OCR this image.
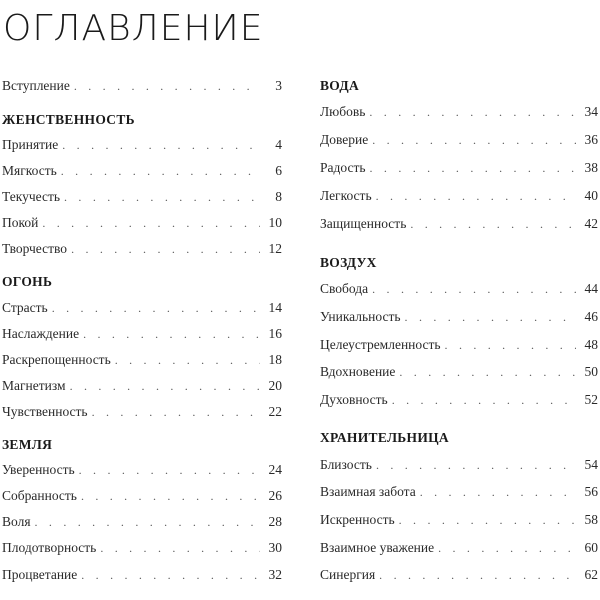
ОГЛАВЛЕНИЕ
Вступление . . .	3
ЖЕНСТВЕННОСТЬ
Принятие . . .	4
Мягкость . . .	6
Текучесть . . .	8
Покой . . .	10
Творчество . . .	12
ОГОНЬ
Страсть . . .	14
Наслаждение . . .	16
Раскрепощенность . . .	18
Магнетизм . . .	20
Чувственность . . .	22
ЗЕМЛЯ
Уверенность . . .	24
Собранность . . .	26
Воля . . .	28
Плодотворность . . .	30
Процветание . . .	32
ВОДА
Любовь . . .	34
Доверие . . .	36
Радость . . .	38
Легкость . . .	40
Защищенность . . .	42
ВОЗДУХ
Свобода . . .	44
Уникальность . . .	46
Целеустремленность . . .	48
Вдохновение . . .	50
Духовность . . .	52
ХРАНИТЕЛЬНИЦА
Близость . . .	54
Взаимная забота . . .	56
Искренность . . .	58
Взаимное уважение . . .	60
Синергия . . .	62
